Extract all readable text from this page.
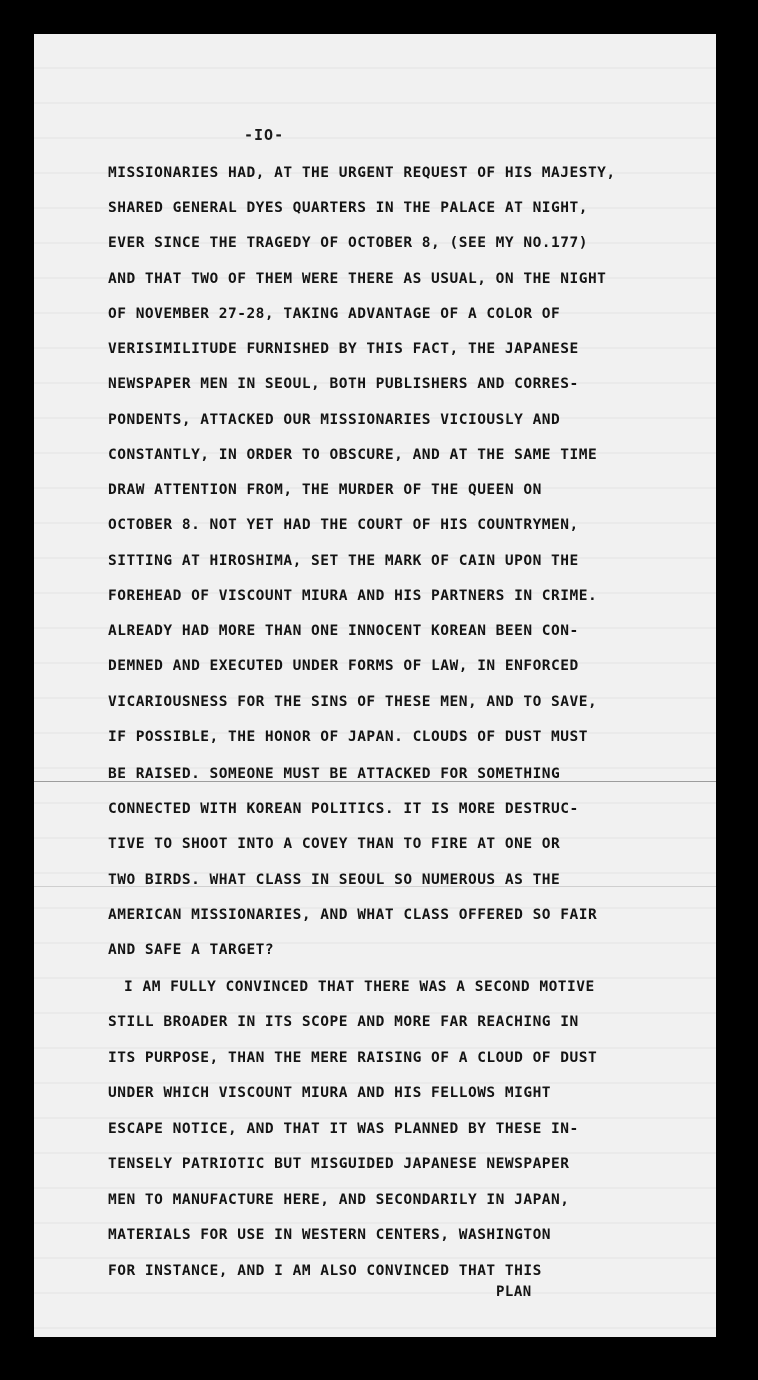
-IO-
MISSIONARIES HAD, AT THE URGENT REQUEST OF HIS MAJESTY,
SHARED GENERAL DYES QUARTERS IN THE PALACE AT NIGHT,
EVER SINCE THE TRAGEDY OF OCTOBER 8, (SEE MY NO.177)
AND THAT TWO OF THEM WERE THERE AS USUAL, ON THE NIGHT
OF NOVEMBER 27-28, TAKING ADVANTAGE OF A COLOR OF
VERISIMILITUDE FURNISHED BY THIS FACT, THE JAPANESE
NEWSPAPER MEN IN SEOUL, BOTH PUBLISHERS AND CORRES-
PONDENTS, ATTACKED OUR MISSIONARIES VICIOUSLY AND
CONSTANTLY, IN ORDER TO OBSCURE, AND AT THE SAME TIME
DRAW ATTENTION FROM, THE MURDER OF THE QUEEN ON
OCTOBER 8. NOT YET HAD THE COURT OF HIS COUNTRYMEN,
SITTING AT HIROSHIMA, SET THE MARK OF CAIN UPON THE
FOREHEAD OF VISCOUNT MIURA AND HIS PARTNERS IN CRIME.
ALREADY HAD MORE THAN ONE INNOCENT KOREAN BEEN CON-
DEMNED AND EXECUTED UNDER FORMS OF LAW, IN ENFORCED
VICARIOUSNESS FOR THE SINS OF THESE MEN, AND TO SAVE,
IF POSSIBLE, THE HONOR OF JAPAN. CLOUDS OF DUST MUST
BE RAISED. SOMEONE MUST BE ATTACKED FOR SOMETHING
CONNECTED WITH KOREAN POLITICS. IT IS MORE DESTRUC-
TIVE TO SHOOT INTO A COVEY THAN TO FIRE AT ONE OR
TWO BIRDS. WHAT CLASS IN SEOUL SO NUMEROUS AS THE
AMERICAN MISSIONARIES, AND WHAT CLASS OFFERED SO FAIR
AND SAFE A TARGET?
I AM FULLY CONVINCED THAT THERE WAS A SECOND MOTIVE
STILL BROADER IN ITS SCOPE AND MORE FAR REACHING IN
ITS PURPOSE, THAN THE MERE RAISING OF A CLOUD OF DUST
UNDER WHICH VISCOUNT MIURA AND HIS FELLOWS MIGHT
ESCAPE NOTICE, AND THAT IT WAS PLANNED BY THESE IN-
TENSELY PATRIOTIC BUT MISGUIDED JAPANESE NEWSPAPER
MEN TO MANUFACTURE HERE, AND SECONDARILY IN JAPAN,
MATERIALS FOR USE IN WESTERN CENTERS, WASHINGTON
FOR INSTANCE, AND I AM ALSO CONVINCED THAT THIS
PLAN
